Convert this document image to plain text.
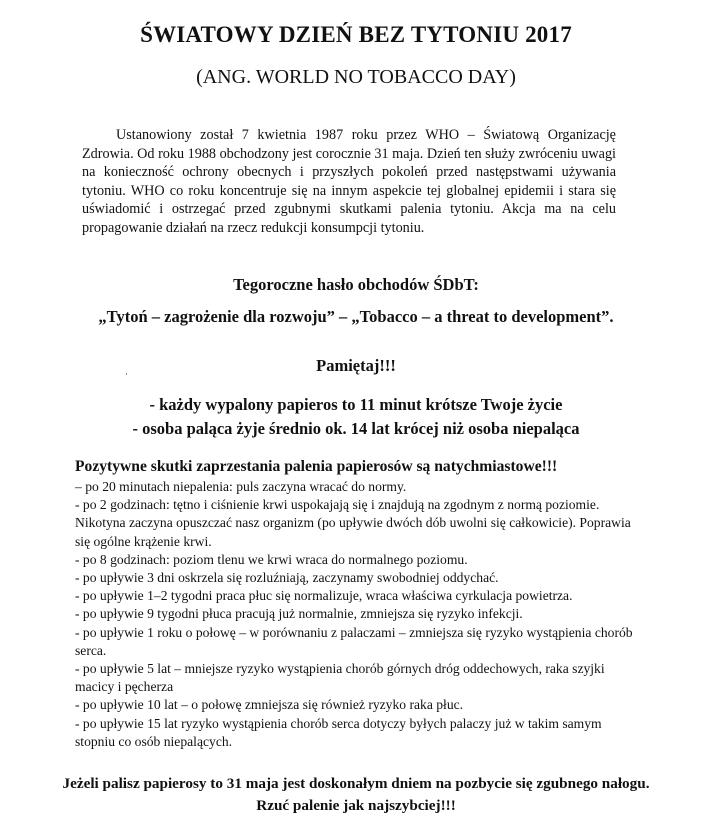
ŚWIATOWY DZIEŃ BEZ TYTONIU 2017
(ANG. WORLD NO TOBACCO DAY)

Ustanowiony został 7 kwietnia 1987 roku przez WHO – Światową Organizację Zdrowia. Od roku 1988 obchodzony jest corocznie 31 maja. Dzień ten służy zwróceniu uwagi na konieczność ochrony obecnych i przyszłych pokoleń przed następstwami używania tytoniu. WHO co roku koncentruje się na innym aspekcie tej globalnej epidemii i stara się uświadomić i ostrzegać przed zgubnymi skutkami palenia tytoniu. Akcja ma na celu propagowanie działań na rzecz redukcji konsumpcji tytoniu.

Tegoroczne hasło obchodów ŚDbT:

„Tytoń – zagrożenie dla rozwoju” – „Tobacco – a threat to development”.

Pamiętaj!!!

·
- każdy wypalony papieros to 11 minut krótsze Twoje życie
- osoba paląca żyje średnio ok. 14 lat krócej niż osoba niepaląca

Pozytywne skutki zaprzestania palenia papierosów są natychmiastowe!!!

– po 20 minutach niepalenia: puls zaczyna wracać do normy.
- po 2 godzinach: tętno i ciśnienie krwi uspokajają się i znajdują na zgodnym z normą poziomie. Nikotyna zaczyna opuszczać nasz organizm (po upływie dwóch dób uwolni się całkowicie). Poprawia się ogólne krążenie krwi.
- po 8 godzinach: poziom tlenu we krwi wraca do normalnego poziomu.
- po upływie 3 dni oskrzela się rozluźniają, zaczynamy swobodniej oddychać.
- po upływie 1–2 tygodni praca płuc się normalizuje, wraca właściwa cyrkulacja powietrza.
- po upływie 9 tygodni płuca pracują już normalnie, zmniejsza się ryzyko infekcji.
- po upływie 1 roku o połowę – w porównaniu z palaczami – zmniejsza się ryzyko wystąpienia chorób serca.
- po upływie 5 lat – mniejsze ryzyko wystąpienia chorób górnych dróg oddechowych, raka szyjki macicy i pęcherza
- po upływie 10 lat – o połowę zmniejsza się również ryzyko raka płuc.
- po upływie 15 lat ryzyko wystąpienia chorób serca dotyczy byłych palaczy już w takim samym stopniu co osób niepalących.
Jeżeli palisz papierosy to 31 maja jest doskonałym dniem na pozbycie się zgubnego nałogu.
Rzuć palenie jak najszybciej!!!
